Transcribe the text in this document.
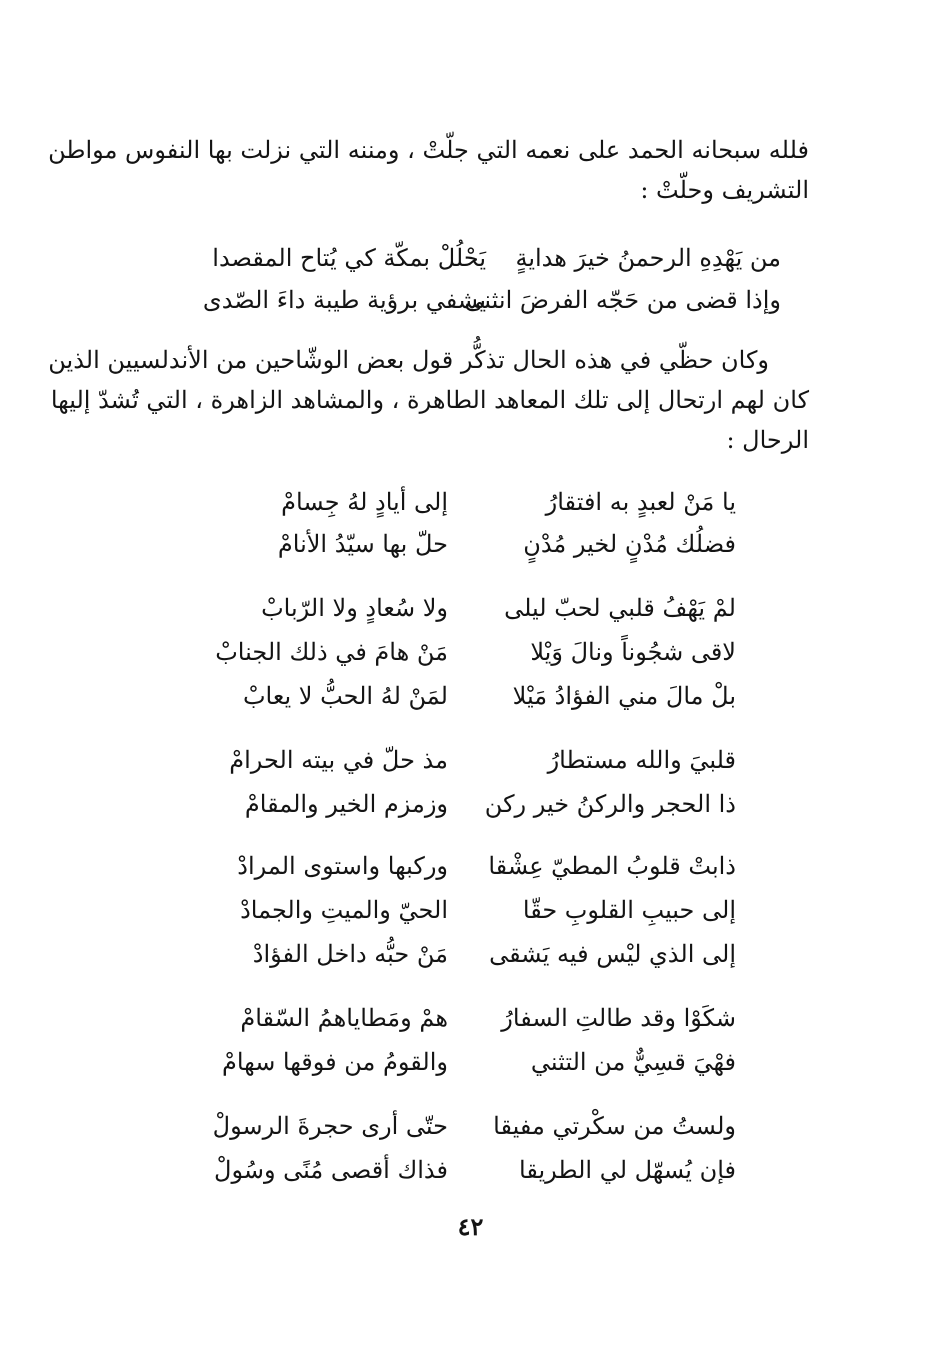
فلله سبحانه الحمد على نعمه التي جلّتْ ، ومننه التي نزلت بها النفوس مواطن
التشريف وحلّتْ :
من يَهْدِهِ الرحمنُ خيرَ هدايةٍ
يَحْلُلْ بمكّة كي يُتاح المقصدا
وإذا قضى من حَجّه الفرضَ انثنى
يشفي برؤية طيبة داءَ الصّدى
وكان حظّي في هذه الحال تذكُّر قول بعض الوشّاحين من الأندلسيين الذين
كان لهم ارتحال إلى تلك المعاهد الطاهرة ، والمشاهد الزاهرة ، التي تُشدّ إليها
الرحال :
يا مَنْ لعبدٍ به افتقارُ
إلى أيادٍ لهُ جِسامْ
فضلُك مُدْنٍ لخير مُدْنٍ
حلّ بها سيّدُ الأنامْ
لمْ يَهْفُ قلبي لحبّ ليلى
ولا سُعادٍ ولا الرّبابْ
لاقى شجُوناً ونالَ وَيْلا
مَنْ هامَ في ذلك الجنابْ
بلْ مالَ مني الفؤادُ مَيْلا
لمَنْ لهُ الحبُّ لا يعابْ
قلبيَ والله مستطارُ
مذ حلّ في بيته الحرامْ
ذا الحجر والركنُ خير ركن
وزمزم الخير والمقامْ
ذابتْ قلوبُ المطيّ عِشْقا
وركبها واستوى المرادْ
إلى حبيبِ القلوبِ حقّا
الحيّ والميتِ والجمادْ
إلى الذي ليْس فيه يَشقى
مَنْ حبُّه داخل الفؤادْ
شكَوْا وقد طالتِ السفارُ
همْ ومَطاياهمُ السّقامْ
فهْيَ قسِيٌّ من التثني
والقومُ من فوقها سهامْ
ولستُ من سكْرتي مفيقا
حتّى أرى حجرةَ الرسولْ
فإن يُسهّل لي الطريقا
فذاك أقصى مُنًى وسُولْ
٤٢
